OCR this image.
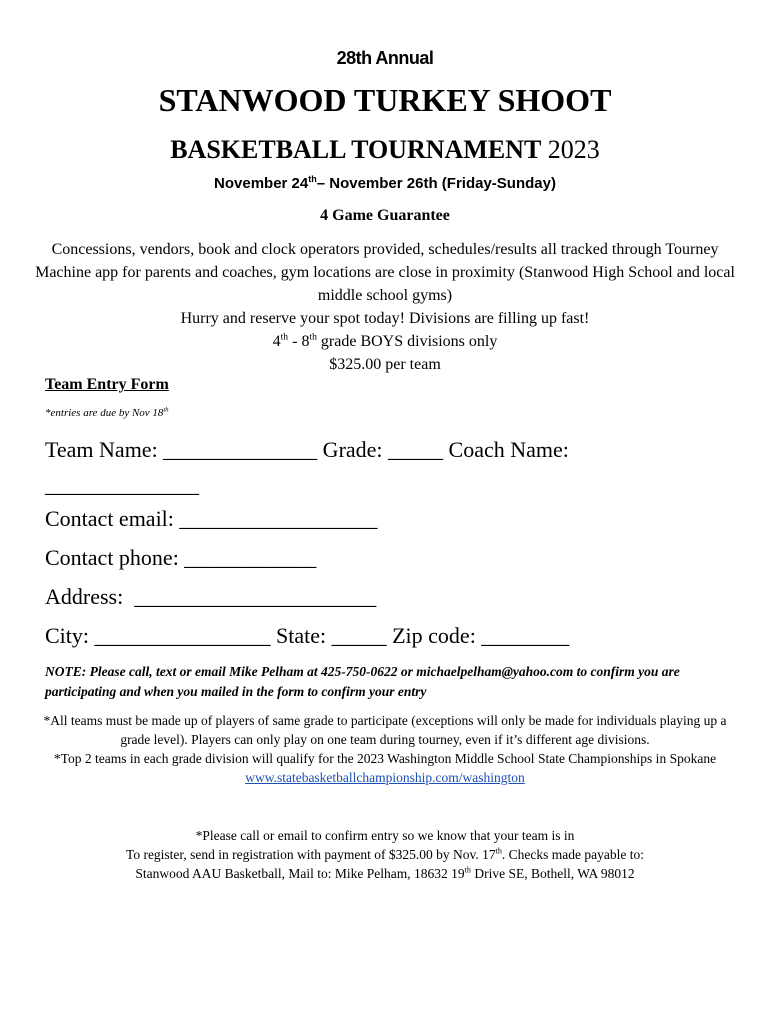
28th Annual
STANWOOD TURKEY SHOOT
BASKETBALL TOURNAMENT 2023
November 24th– November 26th (Friday-Sunday)
4 Game Guarantee
Concessions, vendors, book and clock operators provided, schedules/results all tracked through Tourney Machine app for parents and coaches, gym locations are close in proximity (Stanwood High School and local middle school gyms)
Hurry and reserve your spot today! Divisions are filling up fast!
4th - 8th grade BOYS divisions only
$325.00 per team
Team Entry Form
*entries are due by Nov 18th
Team Name: ______________ Grade: _____ Coach Name:
______________
Contact email: __________________
Contact phone: ____________
Address:  ______________________
City: ________________ State: _____ Zip code: ________
NOTE: Please call, text or email Mike Pelham at 425-750-0622 or michaelpelham@yahoo.com to confirm you are participating and when you mailed in the form to confirm your entry
*All teams must be made up of players of same grade to participate (exceptions will only be made for individuals playing up a grade level). Players can only play on one team during tourney, even if it’s different age divisions.
*Top 2 teams in each grade division will qualify for the 2023 Washington Middle School State Championships in Spokane www.statebasketballchampionship.com/washington
*Please call or email to confirm entry so we know that your team is in
To register, send in registration with payment of $325.00 by Nov. 17th. Checks made payable to:
Stanwood AAU Basketball, Mail to: Mike Pelham, 18632 19th Drive SE, Bothell, WA 98012
